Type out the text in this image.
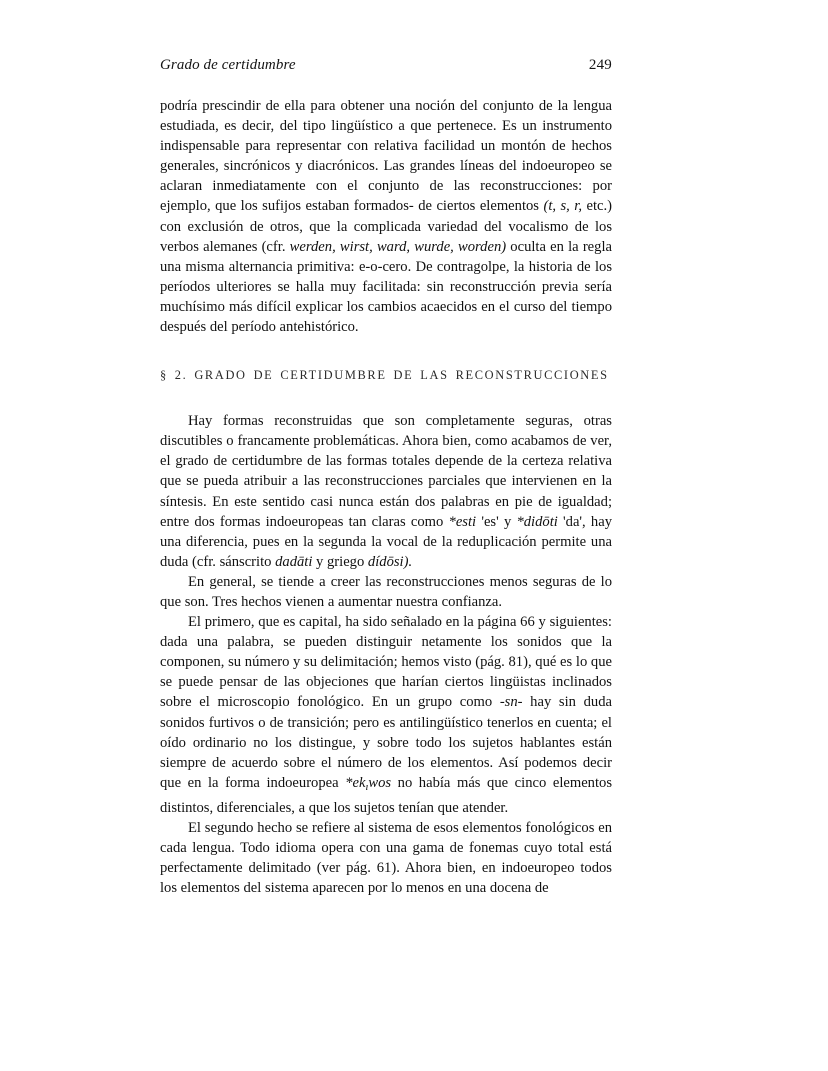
Grado de certidumbre	249

podría prescindir de ella para obtener una noción del conjunto de la lengua estudiada, es decir, del tipo lingüístico a que pertenece. Es un instrumento indispensable para representar con relativa facilidad un montón de hechos generales, sincrónicos y diacrónicos. Las grandes líneas del indoeuropeo se aclaran inmediatamente con el conjunto de las reconstrucciones: por ejemplo, que los sufijos estaban formados- de ciertos elementos (t, s, r, etc.) con exclusión de otros, que la complicada variedad del vocalismo de los verbos alemanes (cfr. werden, wirst, ward, wurde, worden) oculta en la regla una misma alternancia primitiva: e-o-cero. De contragolpe, la historia de los períodos ulteriores se halla muy facilitada: sin reconstrucción previa sería muchísimo más difícil explicar los cambios acaecidos en el curso del tiempo después del período antehistórico.

§ 2. GRADO DE CERTIDUMBRE DE LAS RECONSTRUCCIONES

Hay formas reconstruidas que son completamente seguras, otras discutibles o francamente problemáticas. Ahora bien, como acabamos de ver, el grado de certidumbre de las formas totales depende de la certeza relativa que se pueda atribuir a las reconstrucciones parciales que intervienen en la síntesis. En este sentido casi nunca están dos palabras en pie de igualdad; entre dos formas indoeuropeas tan claras como *esti 'es' y *didōti 'da', hay una diferencia, pues en la segunda la vocal de la reduplicación permite una duda (cfr. sánscrito dadāti y griego dídōsi).

En general, se tiende a creer las reconstrucciones menos seguras de lo que son. Tres hechos vienen a aumentar nuestra confianza.

El primero, que es capital, ha sido señalado en la página 66 y siguientes: dada una palabra, se pueden distinguir netamente los sonidos que la componen, su número y su delimitación; hemos visto (pág. 81), qué es lo que se puede pensar de las objeciones que harían ciertos lingüistas inclinados sobre el microscopio fonológico. En un grupo como -sn- hay sin duda sonidos furtivos o de transición; pero es antilingüístico tenerlos en cuenta; el oído ordinario no los distingue, y sobre todo los sujetos hablantes están siempre de acuerdo sobre el número de los elementos. Así podemos decir que en la forma indoeuropea $*ek_ıwos$ no había más que cinco elementos distintos, diferenciales, a que los sujetos tenían que atender.

El segundo hecho se refiere al sistema de esos elementos fonológicos en cada lengua. Todo idioma opera con una gama de fonemas cuyo total está perfectamente delimitado (ver pág. 61). Ahora bien, en indoeuropeo todos los elementos del sistema aparecen por lo menos en una docena de
